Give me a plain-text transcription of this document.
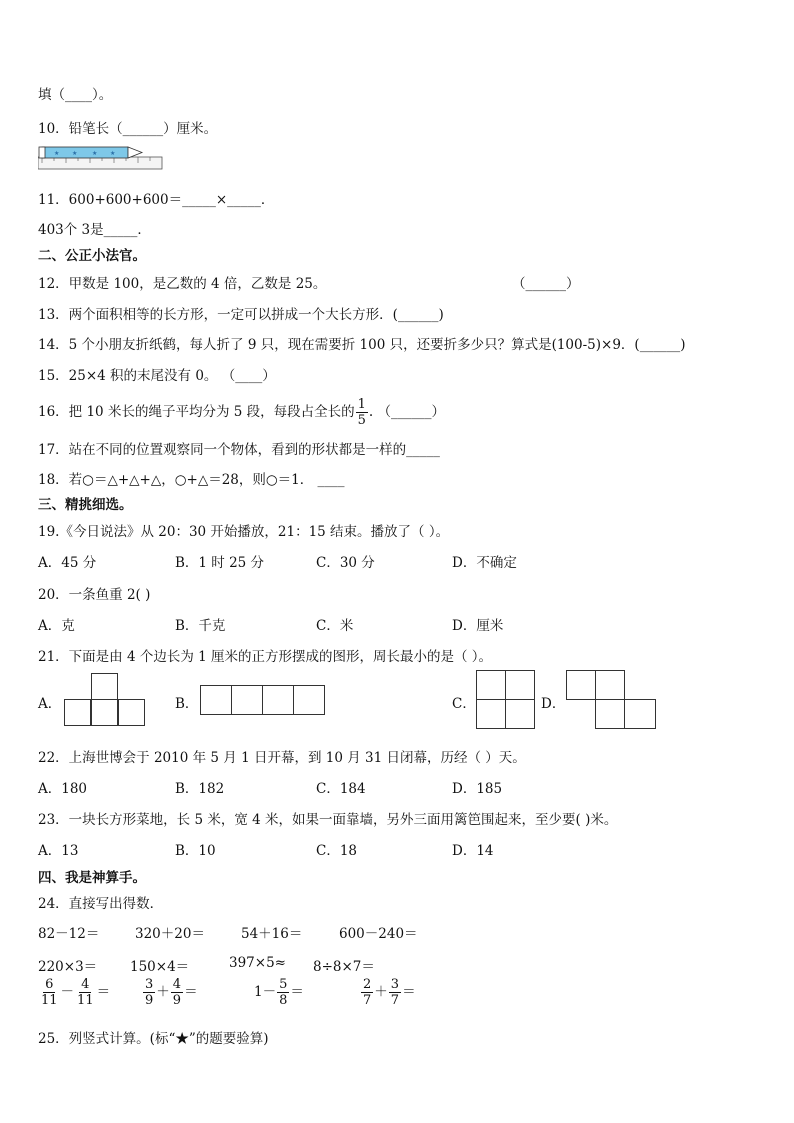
填（____）。
10．铅笔长（______）厘米。
★ ★ ★ ★
11．600+600+600＝_____×_____．
403个 3是_____．
二、公正小法官。
12．甲数是 100，是乙数的 4 倍，乙数是 25。	（______）
13．两个面积相等的长方形，一定可以拼成一个大长方形．(______)
14．5 个小朋友折纸鹤，每人折了 9 只，现在需要折 100 只，还要折多少只？算式是(100-5)×9．(______)
15．25×4 积的末尾没有 0。 （____）
16．把 10 米长的绳子平均分为 5 段，每段占全长的 $\frac{1}{5}$ . （______）
17．站在不同的位置观察同一个物体，看到的形状都是一样的_____
18．若○＝△+△+△，○+△＝28，则○＝1． ____
三、精挑细选。
19.《今日说法》从 20：30 开始播放，21：15 结束。播放了（ ）。
A．45 分	B．1 时 25 分	C．30 分	D．不确定
20．一条鱼重 2( )
A．克	B．千克	C．米	D．厘米
21．下面是由 4 个边长为 1 厘米的正方形摆成的图形，周长最小的是（ ）。
A．	B．	C．	D．
22．上海世博会于 2010 年 5 月 1 日开幕，到 10 月 31 日闭幕，历经（ ）天。
A．180	B．182	C．184	D．185
23．一块长方形菜地，长 5 米，宽 4 米，如果一面靠墙，另外三面用篱笆围起来，至少要( )米。
A．13	B．10	C．18	D．14
四、我是神算手。
24．直接写出得数．
82－12＝	320＋20＝	54＋16＝	600－240＝
220×3＝ 150×4＝	397×5≈ 8÷8×7＝
$\frac{6}{11} - \frac{4}{11}$ ＝	$\frac{3}{9} + \frac{4}{9}$ ＝	$1- \frac{5}{8}$ ＝	$\frac{2}{7} + \frac{3}{7}$ ＝
25．列竖式计算。(标“★”的题要验算)
